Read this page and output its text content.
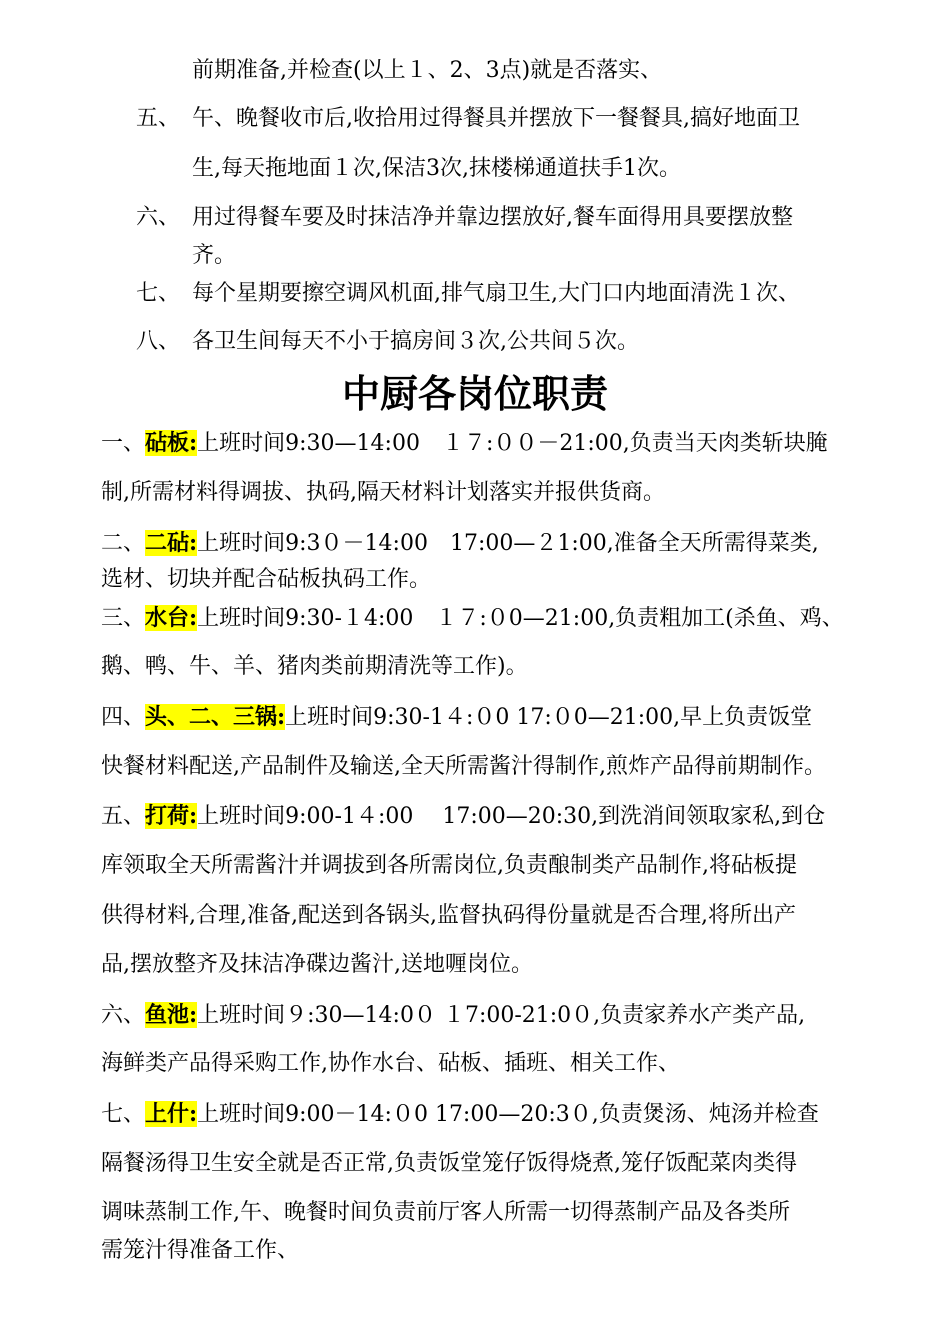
前期准备,并检查(以上１、2、3点)就是否落实、
五、 午、晚餐收市后,收拾用过得餐具并摆放下一餐餐具,搞好地面卫
生,每天拖地面１次,保洁3次,抹楼梯通道扶手1次。
六、 用过得餐车要及时抹洁净并靠边摆放好,餐车面得用具要摆放整
齐。
七、 每个星期要擦空调风机面,排气扇卫生,大门口内地面清洗１次、
八、 各卫生间每天不小于搞房间３次,公共间５次。
中厨各岗位职责
一、砧板:上班时间9:30—14:00　１７:００－21:00,负责当天肉类斩块腌
制,所需材料得调拔、执码,隔天材料计划落实并报供货商。
二、二砧:上班时间9:3０－14:00　17:00—２1:00,准备全天所需得菜类,
选材、切块并配合砧板执码工作。
三、水台:上班时间9:30-１4:00　１７:０0—21:00,负责粗加工(杀鱼、鸡、
鹅、鸭、牛、羊、猪肉类前期清洗等工作)。
四、头、二、三锅:上班时间9:30-1４:０0 17:０0—21:00,早上负责饭堂
快餐材料配送,产品制件及输送,全天所需酱汁得制作,煎炸产品得前期制作。
五、打荷:上班时间9:00-1４:00　 17:00—20:30,到洗消间领取家私,到仓
库领取全天所需酱汁并调拔到各所需岗位,负责酿制类产品制作,将砧板提
供得材料,合理,准备,配送到各锅头,监督执码得份量就是否合理,将所出产
品,摆放整齐及抹洁净碟边酱汁,送地喱岗位。
六、鱼池:上班时间９:30—14:0０ １7:00-21:0０,负责家养水产类产品,
海鲜类产品得采购工作,协作水台、砧板、插班、相关工作、
七、上什:上班时间9:00－14:０0 17:00—20:3０,负责煲汤、炖汤并检查
隔餐汤得卫生安全就是否正常,负责饭堂笼仔饭得烧煮,笼仔饭配菜肉类得
调味蒸制工作,午、晚餐时间负责前厅客人所需一切得蒸制产品及各类所
需笼汁得准备工作、
